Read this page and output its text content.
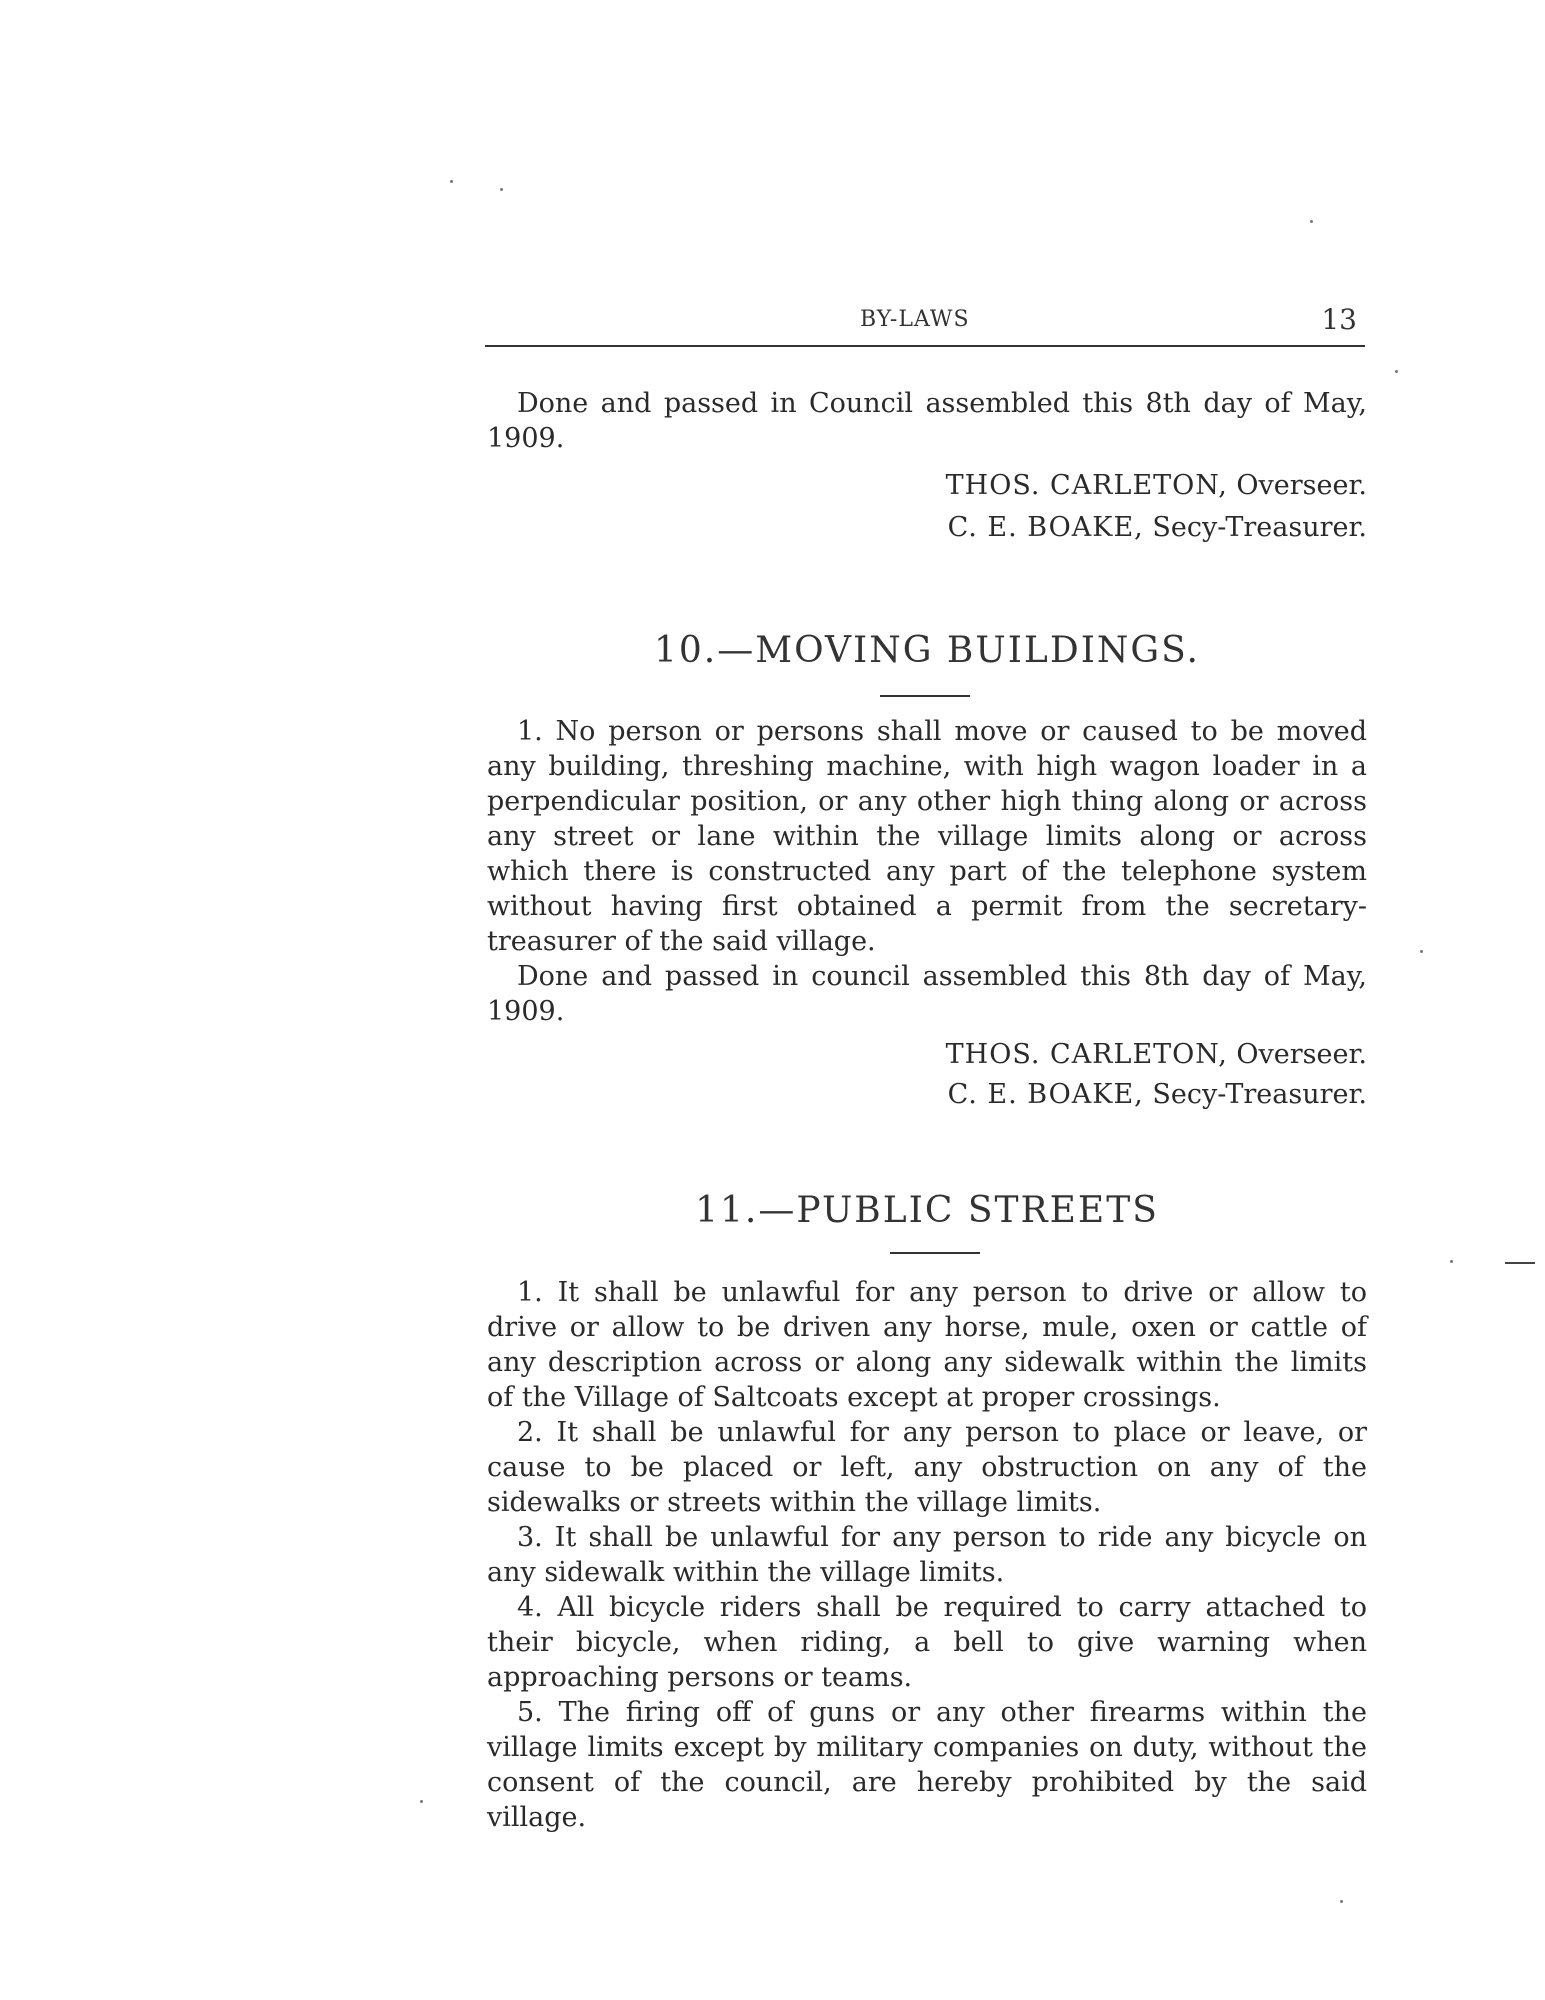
BY-LAWS	13

Done and passed in Council assembled this 8th day of May, 1909.

THOS. CARLETON, Overseer.

C. E. BOAKE, Secy-Treasurer.

10.—MOVING BUILDINGS.

1. No person or persons shall move or caused to be moved any building, threshing machine, with high wagon loader in a perpendicular position, or any other high thing along or across any street or lane within the village limits along or across which there is constructed any part of the telephone system without having first obtained a permit from the secretary-treasurer of the said village.

Done and passed in council assembled this 8th day of May, 1909.

THOS. CARLETON, Overseer.

C. E. BOAKE, Secy-Treasurer.

11.—PUBLIC STREETS

1. It shall be unlawful for any person to drive or allow to drive or allow to be driven any horse, mule, oxen or cattle of any description across or along any sidewalk within the limits of the Village of Saltcoats except at proper crossings.

2. It shall be unlawful for any person to place or leave, or cause to be placed or left, any obstruction on any of the sidewalks or streets within the village limits.

3. It shall be unlawful for any person to ride any bicycle on any sidewalk within the village limits.

4. All bicycle riders shall be required to carry attached to their bicycle, when riding, a bell to give warning when approaching persons or teams.

5. The firing off of guns or any other firearms within the village limits except by military companies on duty, without the consent of the council, are hereby prohibited by the said village.
